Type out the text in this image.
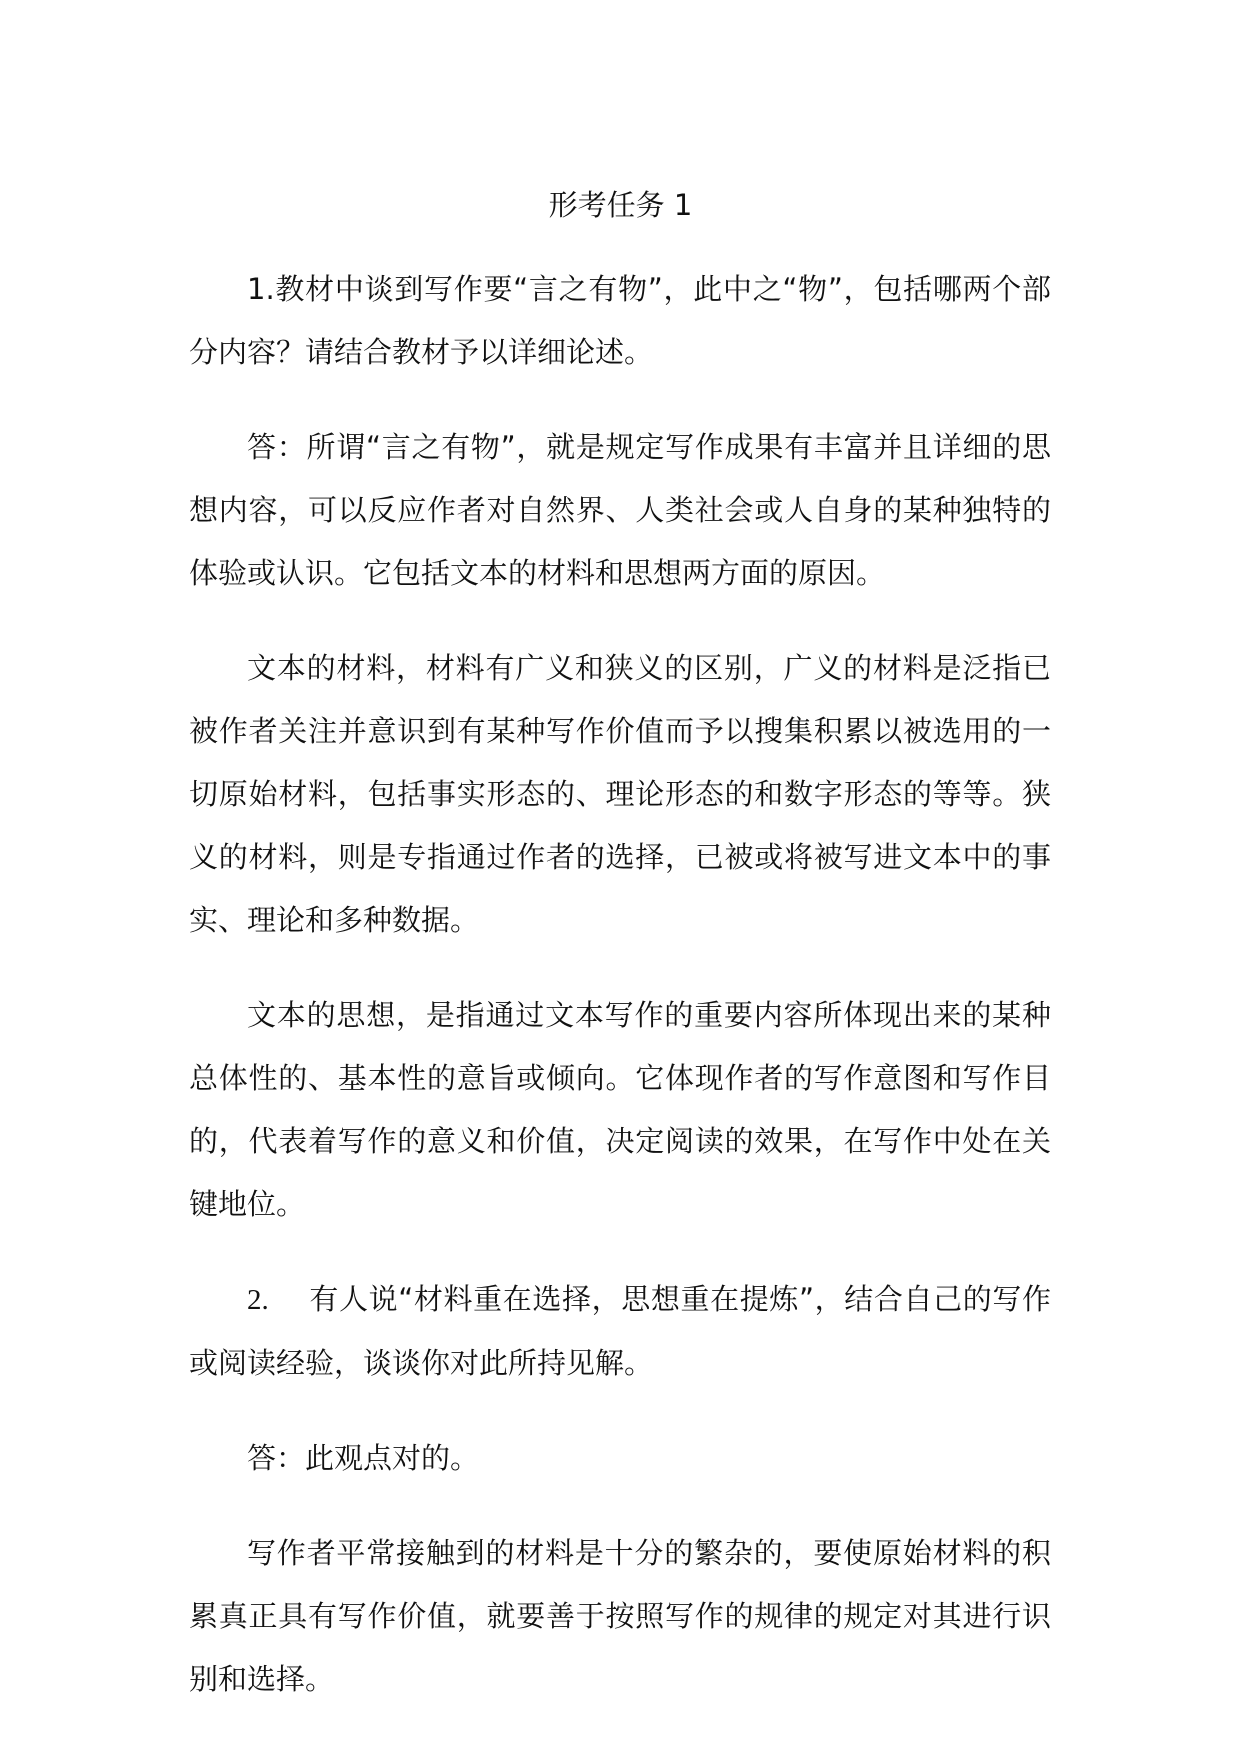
形考任务 1

1.教材中谈到写作要“言之有物”，此中之“物”，包括哪两个部分内容？请结合教材予以详细论述。

答：所谓“言之有物”，就是规定写作成果有丰富并且详细的思想内容，可以反应作者对自然界、人类社会或人自身的某种独特的体验或认识。它包括文本的材料和思想两方面的原因。

文本的材料，材料有广义和狭义的区别，广义的材料是泛指已被作者关注并意识到有某种写作价值而予以搜集积累以被选用的一切原始材料，包括事实形态的、理论形态的和数字形态的等等。狭义的材料，则是专指通过作者的选择，已被或将被写进文本中的事实、理论和多种数据。

文本的思想，是指通过文本写作的重要内容所体现出来的某种总体性的、基本性的意旨或倾向。它体现作者的写作意图和写作目的，代表着写作的意义和价值，决定阅读的效果，在写作中处在关键地位。

2. 有人说“材料重在选择，思想重在提炼”，结合自己的写作或阅读经验，谈谈你对此所持见解。

答：此观点对的。

写作者平常接触到的材料是十分的繁杂的，要使原始材料的积累真正具有写作价值，就要善于按照写作的规律的规定对其进行识别和选择。
